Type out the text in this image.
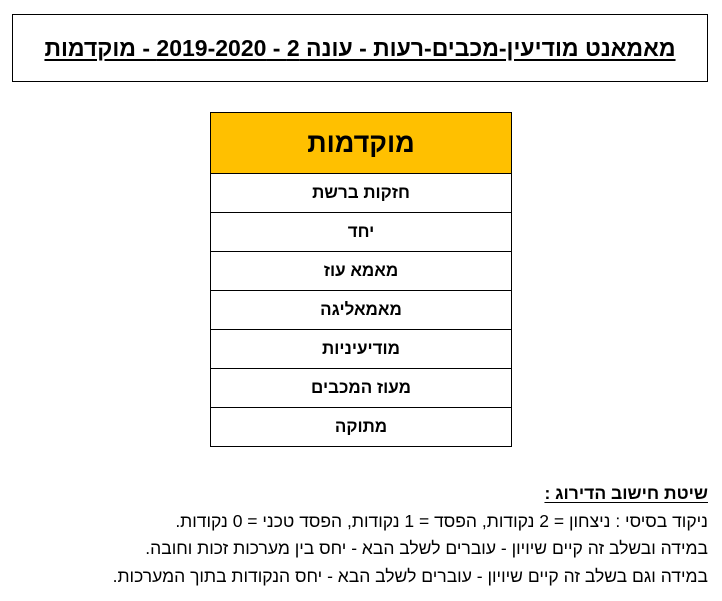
מאמאנט מודיעין-מכבים-רעות - עונה 2 - 2019-2020 - מוקדמות
מוקדמות
חזקות ברשת
יחד
מאמא עוז
מאמאליגה
מודיעיניות
מעוז המכבים
מתוקה
שיטת חישוב הדירוג :
ניקוד בסיסי : ניצחון = 2 נקודות, הפסד = 1 נקודות, הפסד טכני = 0 נקודות.
במידה ובשלב זה קיים שיויון - עוברים לשלב הבא - יחס בין מערכות זכות וחובה.
במידה וגם בשלב זה קיים שיויון - עוברים לשלב הבא - יחס הנקודות בתוך המערכות.
